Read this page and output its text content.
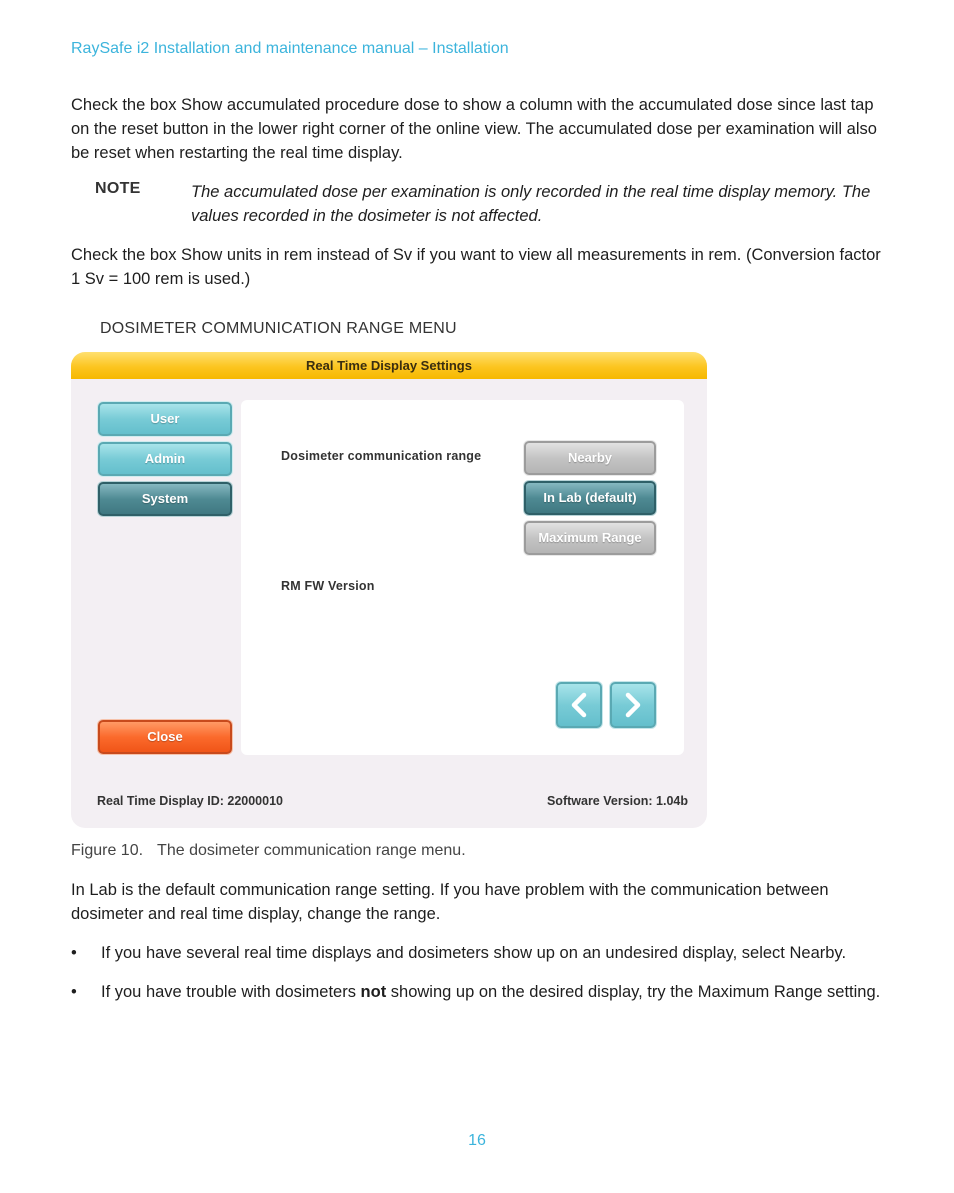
RaySafe i2 Installation and maintenance manual – Installation
Check the box Show accumulated procedure dose to show a column with the accumulated dose since last tap on the reset button in the lower right corner of the online view. The accumulated dose per examination will also be reset when restarting the real time display.
NOTE	The accumulated dose per examination is only recorded in the real time display memory. The values recorded in the dosimeter is not affected.
Check the box Show units in rem instead of Sv if you want to view all measurements in rem. (Conversion factor 1 Sv = 100 rem is used.)
DOSIMETER COMMUNICATION RANGE MENU
Real Time Display Settings
User
Admin
System
Close
Dosimeter communication range
RM FW Version
Nearby
In Lab (default)
Maximum Range
Real Time Display ID: 22000010	Software Version: 1.04b
Figure 10. The dosimeter communication range menu.
In Lab is the default communication range setting. If you have problem with the communication between dosimeter and real time display, change the range.
• If you have several real time displays and dosimeters show up on an undesired display, select Nearby.
• If you have trouble with dosimeters not showing up on the desired display, try the Maximum Range setting.
16
